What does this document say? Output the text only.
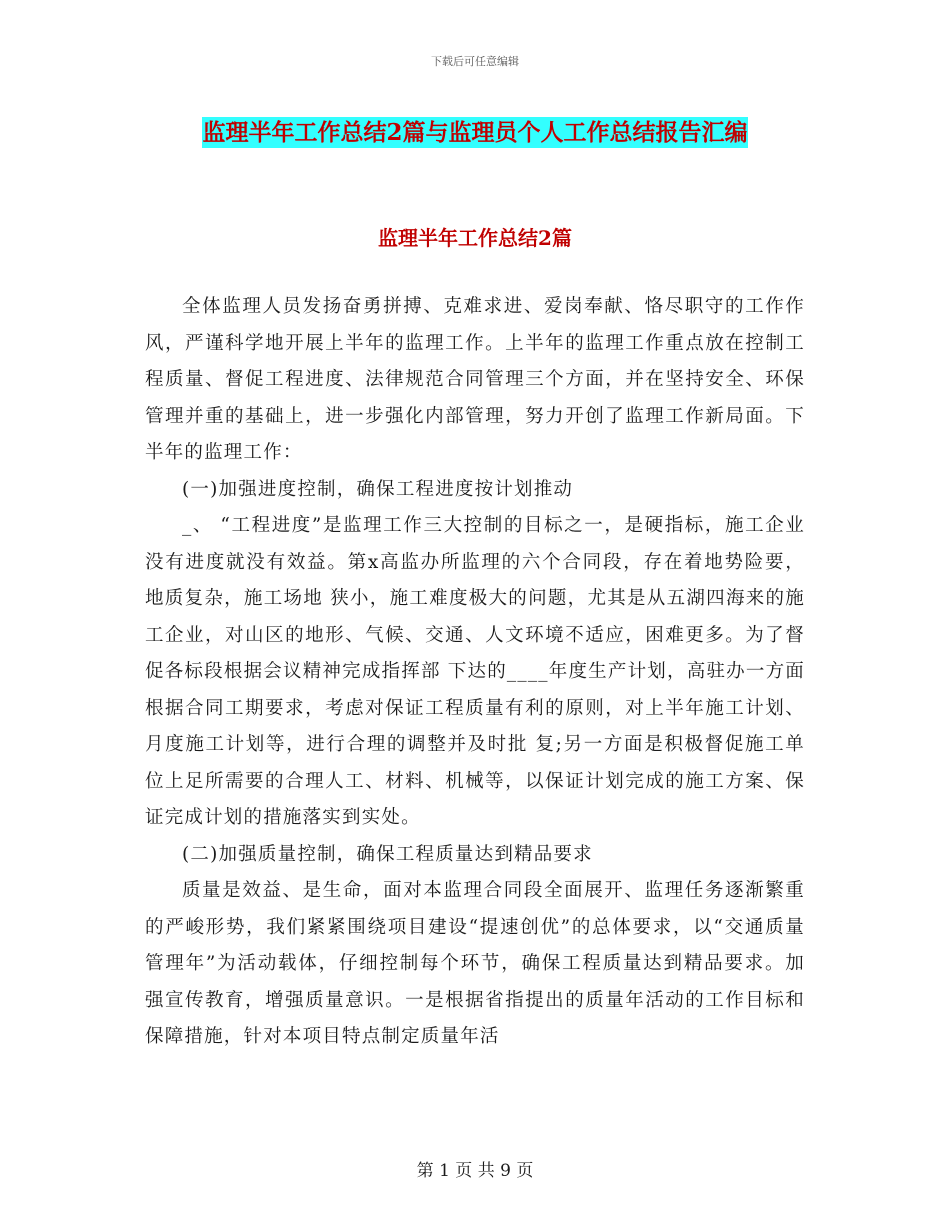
下载后可任意编辑
监理半年工作总结2篇与监理员个人工作总结报告汇编
监理半年工作总结2篇

全体监理人员发扬奋勇拼搏、克难求进、爱岗奉献、恪尽职守的工作作风，严谨科学地开展上半年的监理工作。上半年的监理工作重点放在控制工程质量、督促工程进度、法律规范合同管理三个方面，并在坚持安全、环保管理并重的基础上，进一步强化内部管理，努力开创了监理工作新局面。下半年的监理工作：

(一)加强进度控制，确保工程进度按计划推动

_、 “工程进度”是监理工作三大控制的目标之一，是硬指标，施工企业没有进度就没有效益。第x高监办所监理的六个合同段，存在着地势险要，地质复杂，施工场地 狭小，施工难度极大的问题，尤其是从五湖四海来的施工企业，对山区的地形、气候、交通、人文环境不适应，困难更多。为了督促各标段根据会议精神完成指挥部 下达的____年度生产计划，高驻办一方面根据合同工期要求，考虑对保证工程质量有利的原则，对上半年施工计划、月度施工计划等，进行合理的调整并及时批 复;另一方面是积极督促施工单位上足所需要的合理人工、材料、机械等，以保证计划完成的施工方案、保证完成计划的措施落实到实处。

(二)加强质量控制，确保工程质量达到精品要求

质量是效益、是生命，面对本监理合同段全面展开、监理任务逐渐繁重的严峻形势，我们紧紧围绕项目建设“提速创优”的总体要求，以“交通质量管理年”为活动载体，仔细控制每个环节，确保工程质量达到精品要求。加强宣传教育，增强质量意识。一是根据省指提出的质量年活动的工作目标和保障措施，针对本项目特点制定质量年活

第 1 页 共 9 页
